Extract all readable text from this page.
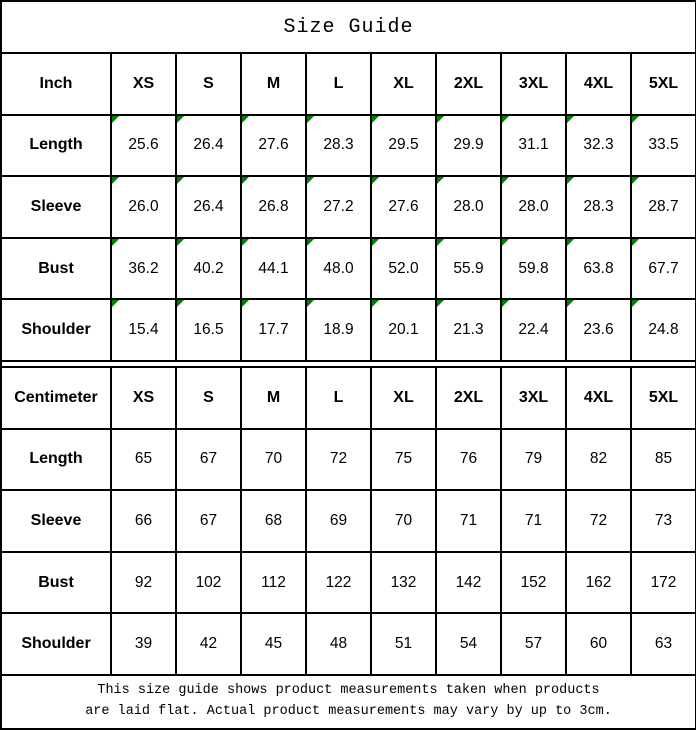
Size Guide									
Inch	XS	S	M	L	XL	2XL	3XL	4XL	5XL
Length	25.6	26.4	27.6	28.3	29.5	29.9	31.1	32.3	33.5
Sleeve	26.0	26.4	26.8	27.2	27.6	28.0	28.0	28.3	28.7
Bust	36.2	40.2	44.1	48.0	52.0	55.9	59.8	63.8	67.7
Shoulder	15.4	16.5	17.7	18.9	20.1	21.3	22.4	23.6	24.8

Centimeter	XS	S	M	L	XL	2XL	3XL	4XL	5XL
Length	65	67	70	72	75	76	79	82	85
Sleeve	66	67	68	69	70	71	71	72	73
Bust	92	102	112	122	132	142	152	162	172
Shoulder	39	42	45	48	51	54	57	60	63

This size guide shows product measurements taken when products
are laid flat. Actual product measurements may vary by up to 3cm.									
